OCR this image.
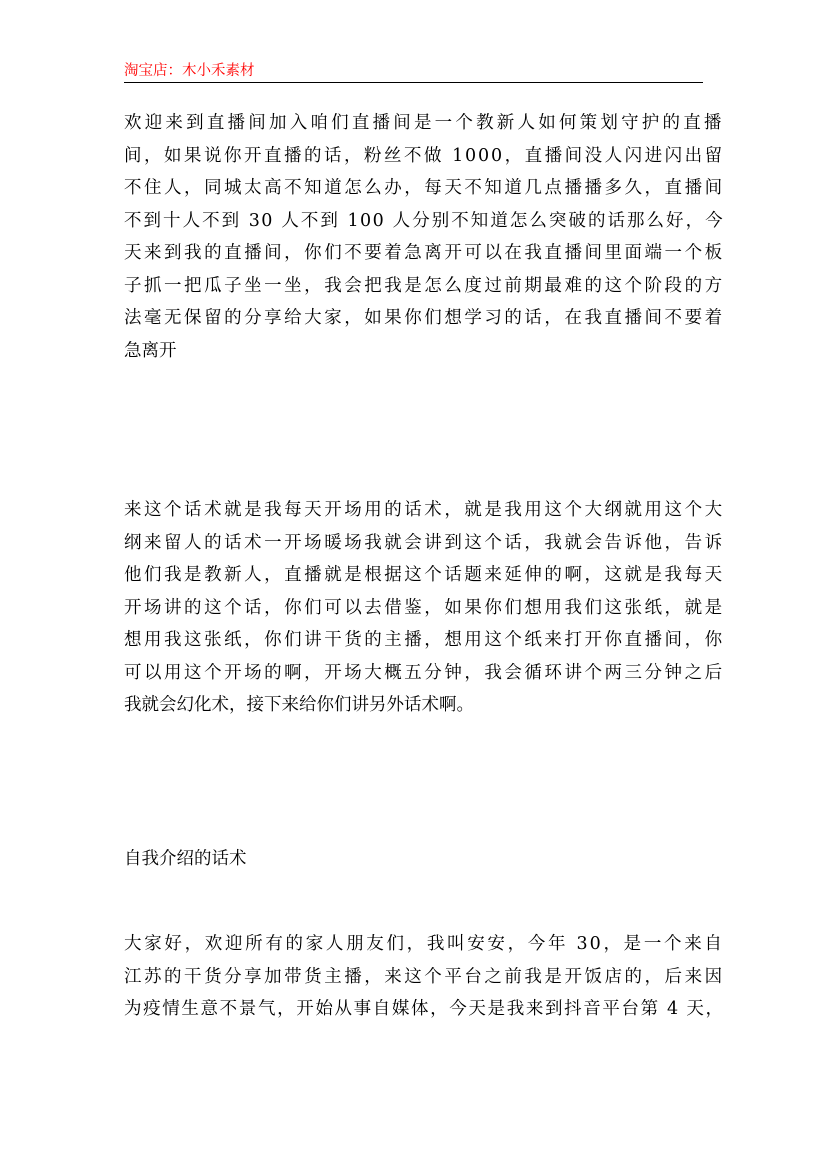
淘宝店：木小禾素材
欢迎来到直播间加入咱们直播间是一个教新人如何策划守护的直播
间，如果说你开直播的话，粉丝不做 1000，直播间没人闪进闪出留
不住人，同城太高不知道怎么办，每天不知道几点播播多久，直播间
不到十人不到 30 人不到 100 人分别不知道怎么突破的话那么好，今
天来到我的直播间，你们不要着急离开可以在我直播间里面端一个板
子抓一把瓜子坐一坐，我会把我是怎么度过前期最难的这个阶段的方
法毫无保留的分享给大家，如果你们想学习的话，在我直播间不要着
急离开
来这个话术就是我每天开场用的话术，就是我用这个大纲就用这个大
纲来留人的话术一开场暖场我就会讲到这个话，我就会告诉他，告诉
他们我是教新人，直播就是根据这个话题来延伸的啊，这就是我每天
开场讲的这个话，你们可以去借鉴，如果你们想用我们这张纸，就是
想用我这张纸，你们讲干货的主播，想用这个纸来打开你直播间，你
可以用这个开场的啊，开场大概五分钟，我会循环讲个两三分钟之后
我就会幻化术，接下来给你们讲另外话术啊。
自我介绍的话术
大家好，欢迎所有的家人朋友们，我叫安安，今年 30，是一个来自
江苏的干货分享加带货主播，来这个平台之前我是开饭店的，后来因
为疫情生意不景气，开始从事自媒体，今天是我来到抖音平台第 4 天，
